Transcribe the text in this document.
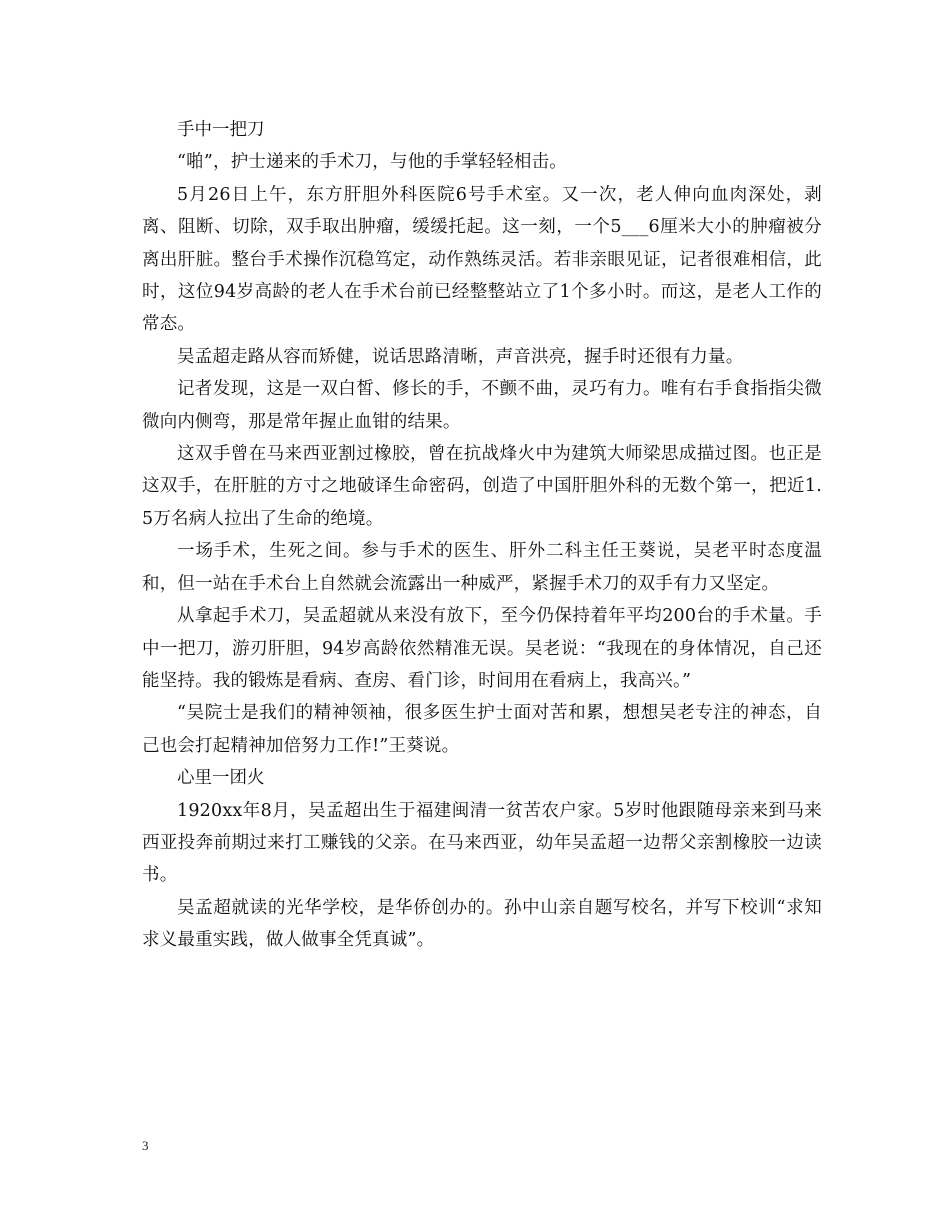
手中一把刀

“啪”，护士递来的手术刀，与他的手掌轻轻相击。

5月26日上午，东方肝胆外科医院6号手术室。又一次，老人伸向血肉深处，剥离、阻断、切除，双手取出肿瘤，缓缓托起。这一刻，一个5___6厘米大小的肿瘤被分离出肝脏。整台手术操作沉稳笃定，动作熟练灵活。若非亲眼见证，记者很难相信，此时，这位94岁高龄的老人在手术台前已经整整站立了1个多小时。而这，是老人工作的常态。

吴孟超走路从容而矫健，说话思路清晰，声音洪亮，握手时还很有力量。

记者发现，这是一双白皙、修长的手，不颤不曲，灵巧有力。唯有右手食指指尖微微向内侧弯，那是常年握止血钳的结果。

这双手曾在马来西亚割过橡胶，曾在抗战烽火中为建筑大师梁思成描过图。也正是这双手，在肝脏的方寸之地破译生命密码，创造了中国肝胆外科的无数个第一，把近1.5万名病人拉出了生命的绝境。

一场手术，生死之间。参与手术的医生、肝外二科主任王葵说，吴老平时态度温和，但一站在手术台上自然就会流露出一种威严，紧握手术刀的双手有力又坚定。

从拿起手术刀，吴孟超就从来没有放下，至今仍保持着年平均200台的手术量。手中一把刀，游刃肝胆，94岁高龄依然精准无误。吴老说：“我现在的身体情况，自己还能坚持。我的锻炼是看病、查房、看门诊，时间用在看病上，我高兴。”

“吴院士是我们的精神领袖，很多医生护士面对苦和累，想想吴老专注的神态，自己也会打起精神加倍努力工作!”王葵说。

心里一团火

1920xx年8月，吴孟超出生于福建闽清一贫苦农户家。5岁时他跟随母亲来到马来西亚投奔前期过来打工赚钱的父亲。在马来西亚，幼年吴孟超一边帮父亲割橡胶一边读书。

吴孟超就读的光华学校，是华侨创办的。孙中山亲自题写校名，并写下校训“求知求义最重实践，做人做事全凭真诚”。

3
